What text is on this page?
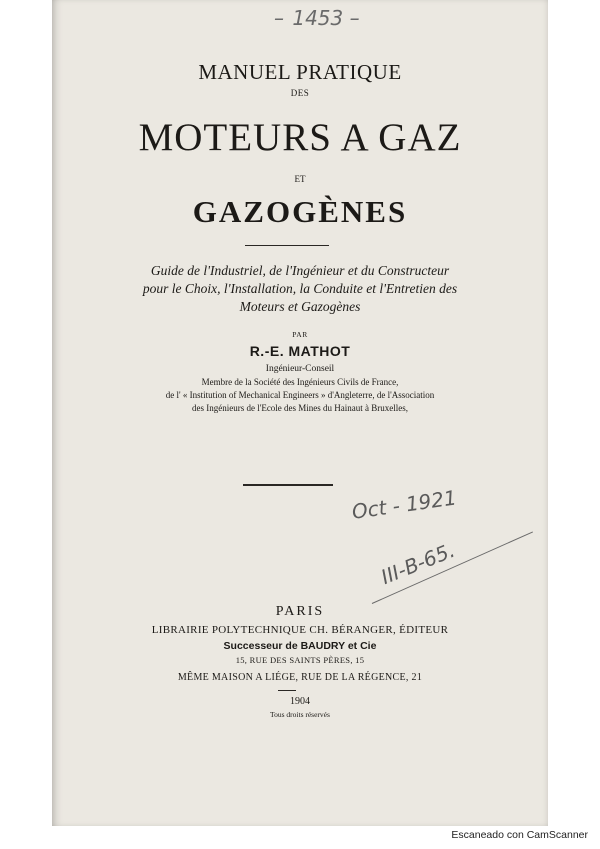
– 1453 –
MANUEL PRATIQUE
DES
MOTEURS A GAZ
ET
GAZOGÈNES
Guide de l'Industriel, de l'Ingénieur et du Constructeur
pour le Choix, l'Installation, la Conduite et l'Entretien des
Moteurs et Gazogènes
PAR
R.-E. MATHOT
Ingénieur-Conseil
Membre de la Société des Ingénieurs Civils de France,
de l' « Institution of Mechanical Engineers » d'Angleterre, de l'Association
des Ingénieurs de l'Ecole des Mines du Hainaut à Bruxelles,
Oct - 1921
III-B-65.
PARIS
LIBRAIRIE POLYTECHNIQUE CH. BÉRANGER, ÉDITEUR
Successeur de BAUDRY et Cie
15, RUE DES SAINTS PÈRES, 15
MÊME MAISON A LIÉGE, RUE DE LA RÉGENCE, 21
1904
Tous droits réservés
Escaneado con CamScanner
